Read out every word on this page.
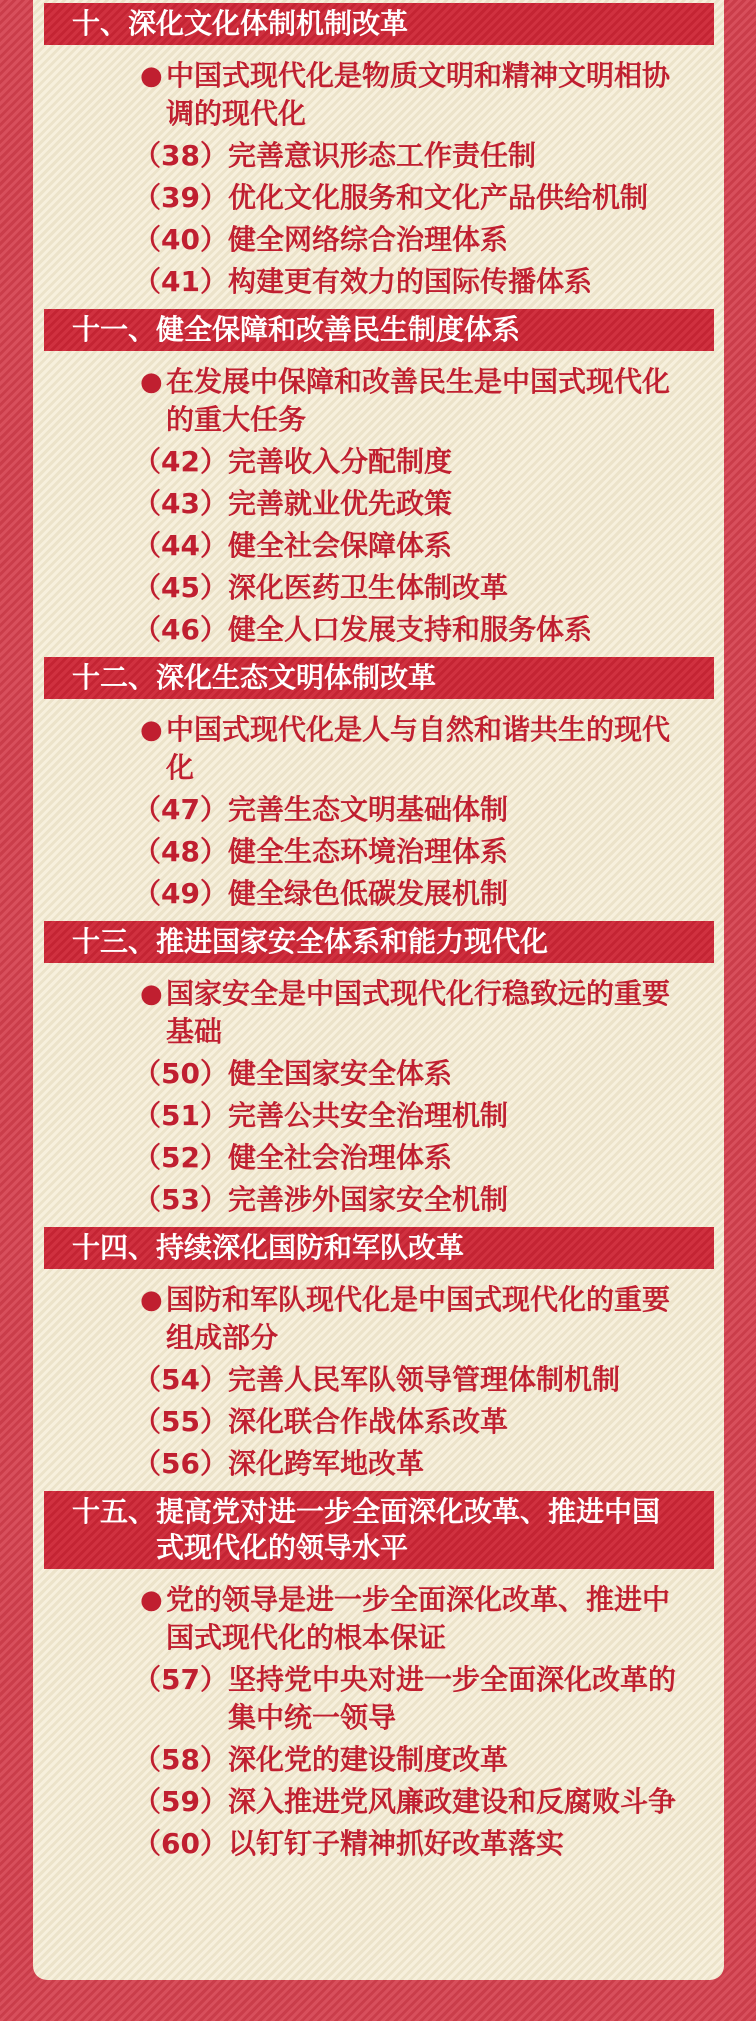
十、 深化文化体制机制改革
● 中国式现代化是物质文明和精神文明相协调的现代化
（38） 完善意识形态工作责任制
（39） 优化文化服务和文化产品供给机制
（40） 健全网络综合治理体系
（41） 构建更有效力的国际传播体系
十一、 健全保障和改善民生制度体系
● 在发展中保障和改善民生是中国式现代化的重大任务
（42） 完善收入分配制度
（43） 完善就业优先政策
（44） 健全社会保障体系
（45） 深化医药卫生体制改革
（46） 健全人口发展支持和服务体系
十二、 深化生态文明体制改革
● 中国式现代化是人与自然和谐共生的现代化
（47） 完善生态文明基础体制
（48） 健全生态环境治理体系
（49） 健全绿色低碳发展机制
十三、 推进国家安全体系和能力现代化
● 国家安全是中国式现代化行稳致远的重要基础
（50） 健全国家安全体系
（51） 完善公共安全治理机制
（52） 健全社会治理体系
（53） 完善涉外国家安全机制
十四、 持续深化国防和军队改革
● 国防和军队现代化是中国式现代化的重要组成部分
（54） 完善人民军队领导管理体制机制
（55） 深化联合作战体系改革
（56） 深化跨军地改革
十五、 提高党对进一步全面深化改革、推进中国式现代化的领导水平
● 党的领导是进一步全面深化改革、推进中国式现代化的根本保证
（57） 坚持党中央对进一步全面深化改革的集中统一领导
（58） 深化党的建设制度改革
（59） 深入推进党风廉政建设和反腐败斗争
（60） 以钉钉子精神抓好改革落实
